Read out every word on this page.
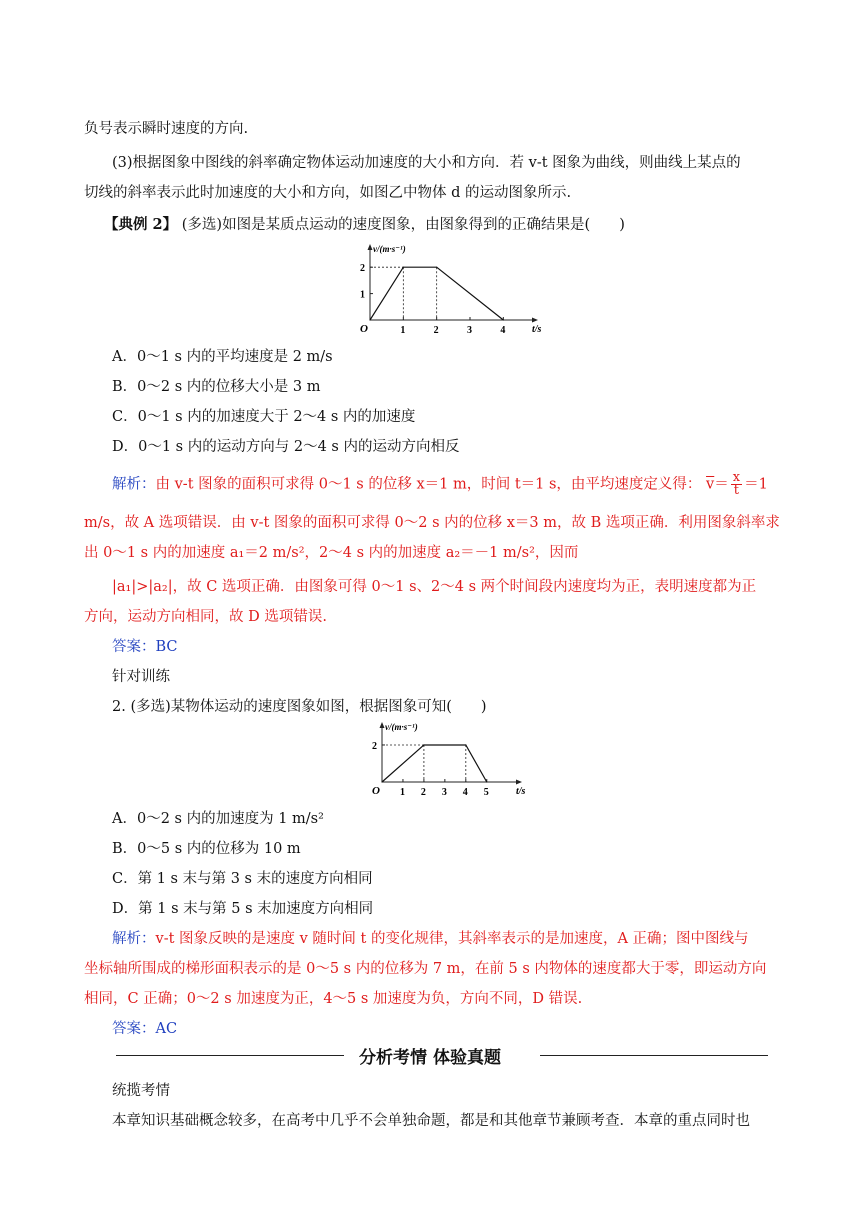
负号表示瞬时速度的方向.
(3)根据图象中图线的斜率确定物体运动加速度的大小和方向．若 v-t 图象为曲线，则曲线上某点的
切线的斜率表示此时加速度的大小和方向，如图乙中物体 d 的运动图象所示.
【典例 2】 (多选)如图是某质点运动的速度图象，由图象得到的正确结果是(　　)
v/(m·s⁻¹)
t/s
O	1	2	3	4
1
2
A．0～1 s 内的平均速度是 2 m/s
B．0～2 s 内的位移大小是 3 m
C．0～1 s 内的加速度大于 2～4 s 内的加速度
D．0～1 s 内的运动方向与 2～4 s 内的运动方向相反
解析：由 v-t 图象的面积可求得 0～1 s 的位移 x＝1 m，时间 t＝1 s，由平均速度定义得： $\overline{v}= \frac{x}{t} =1$
m/s，故 A 选项错误．由 v-t 图象的面积可求得 0～2 s 内的位移 x＝3 m，故 B 选项正确．利用图象斜率求
出 0～1 s 内的加速度 a₁＝2 m/s²，2～4 s 内的加速度 a₂＝－1 m/s²，因而
|a₁|>|a₂|，故 C 选项正确．由图象可得 0～1 s、2～4 s 两个时间段内速度均为正，表明速度都为正
方向，运动方向相同，故 D 选项错误.
答案：BC
针对训练
2. (多选)某物体运动的速度图象如图，根据图象可知(　　)
v/(m·s⁻¹)
t/s
O 1 2 3 4 5
2
A．0～2 s 内的加速度为 1 m/s²
B．0～5 s 内的位移为 10 m
C．第 1 s 末与第 3 s 末的速度方向相同
D．第 1 s 末与第 5 s 末加速度方向相同
解析：v-t 图象反映的是速度 v 随时间 t 的变化规律，其斜率表示的是加速度，A 正确；图中图线与
坐标轴所围成的梯形面积表示的是 0～5 s 内的位移为 7 m，在前 5 s 内物体的速度都大于零，即运动方向
相同，C 正确；0～2 s 加速度为正，4～5 s 加速度为负，方向不同，D 错误.
答案：AC
分析考情 体验真题
统揽考情
本章知识基础概念较多，在高考中几乎不会单独命题，都是和其他章节兼顾考查．本章的重点同时也
